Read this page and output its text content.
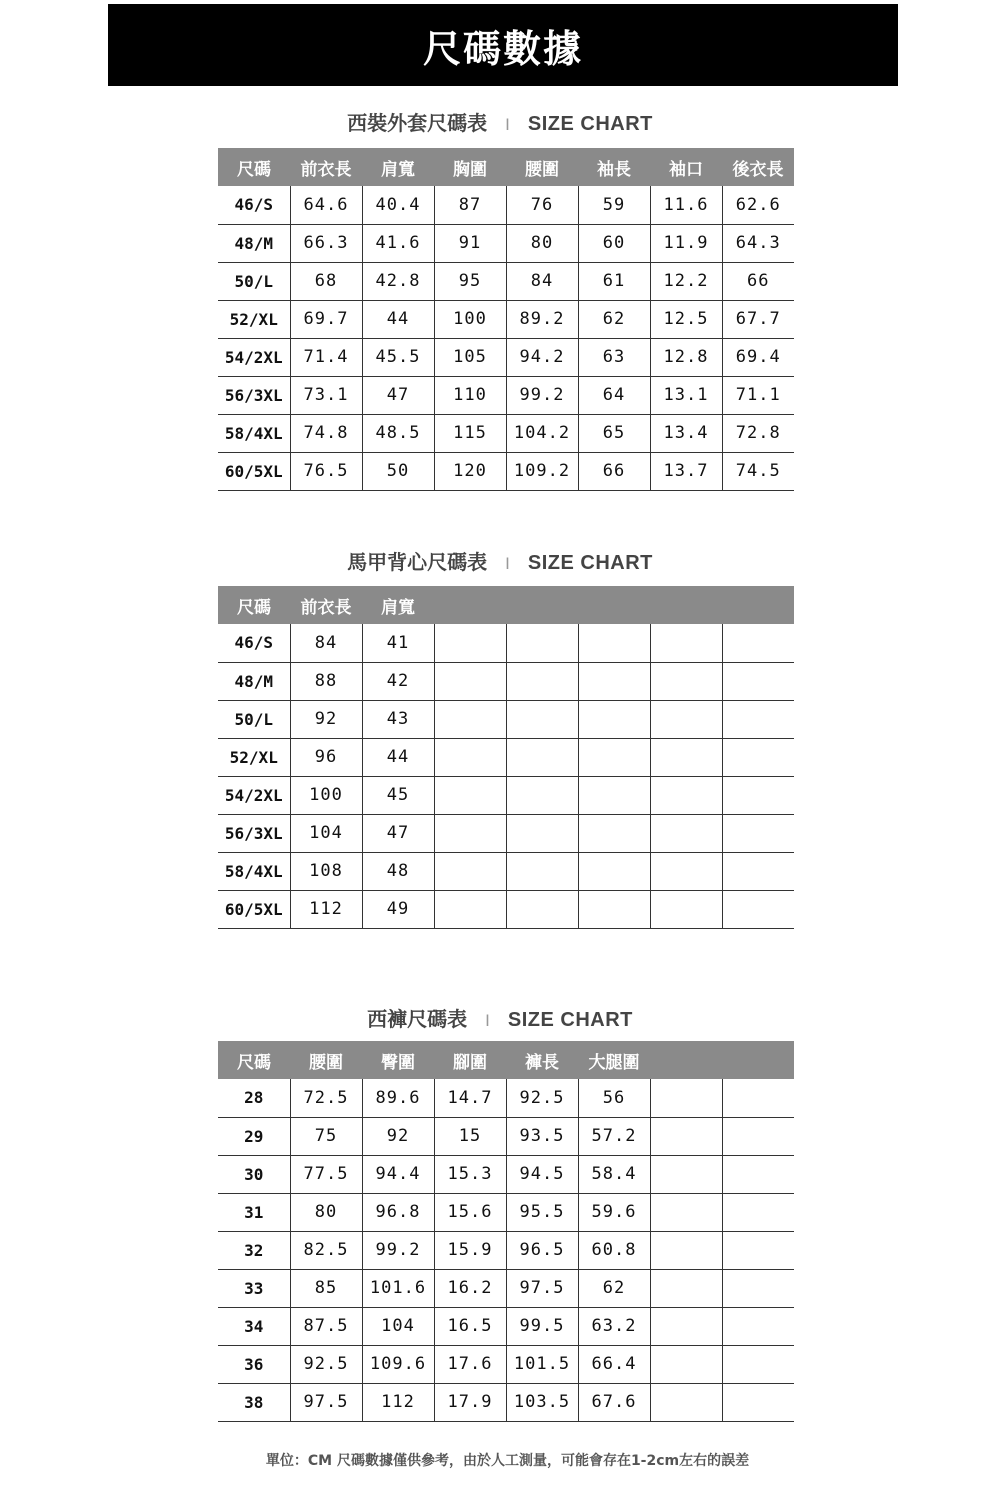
尺碼數據
西裝外套尺碼表 I SIZE CHART
尺碼	前衣長	肩寬	胸圍	腰圍	袖長	袖口	後衣長
46/S	64.6	40.4	87	76	59	11.6	62.6
48/M	66.3	41.6	91	80	60	11.9	64.3
50/L	68	42.8	95	84	61	12.2	66
52/XL	69.7	44	100	89.2	62	12.5	67.7
54/2XL	71.4	45.5	105	94.2	63	12.8	69.4
56/3XL	73.1	47	110	99.2	64	13.1	71.1
58/4XL	74.8	48.5	115	104.2	65	13.4	72.8
60/5XL	76.5	50	120	109.2	66	13.7	74.5
馬甲背心尺碼表 I SIZE CHART
尺碼	前衣長	肩寬					
46/S	84	41					
48/M	88	42					
50/L	92	43					
52/XL	96	44					
54/2XL	100	45					
56/3XL	104	47					
58/4XL	108	48					
60/5XL	112	49					
西褲尺碼表 I SIZE CHART
尺碼	腰圍	臀圍	腳圍	褲長	大腿圍		
28	72.5	89.6	14.7	92.5	56		
29	75	92	15	93.5	57.2		
30	77.5	94.4	15.3	94.5	58.4		
31	80	96.8	15.6	95.5	59.6		
32	82.5	99.2	15.9	96.5	60.8		
33	85	101.6	16.2	97.5	62		
34	87.5	104	16.5	99.5	63.2		
36	92.5	109.6	17.6	101.5	66.4		
38	97.5	112	17.9	103.5	67.6		
單位：CM 尺碼數據僅供參考，由於人工測量，可能會存在1-2cm左右的誤差
